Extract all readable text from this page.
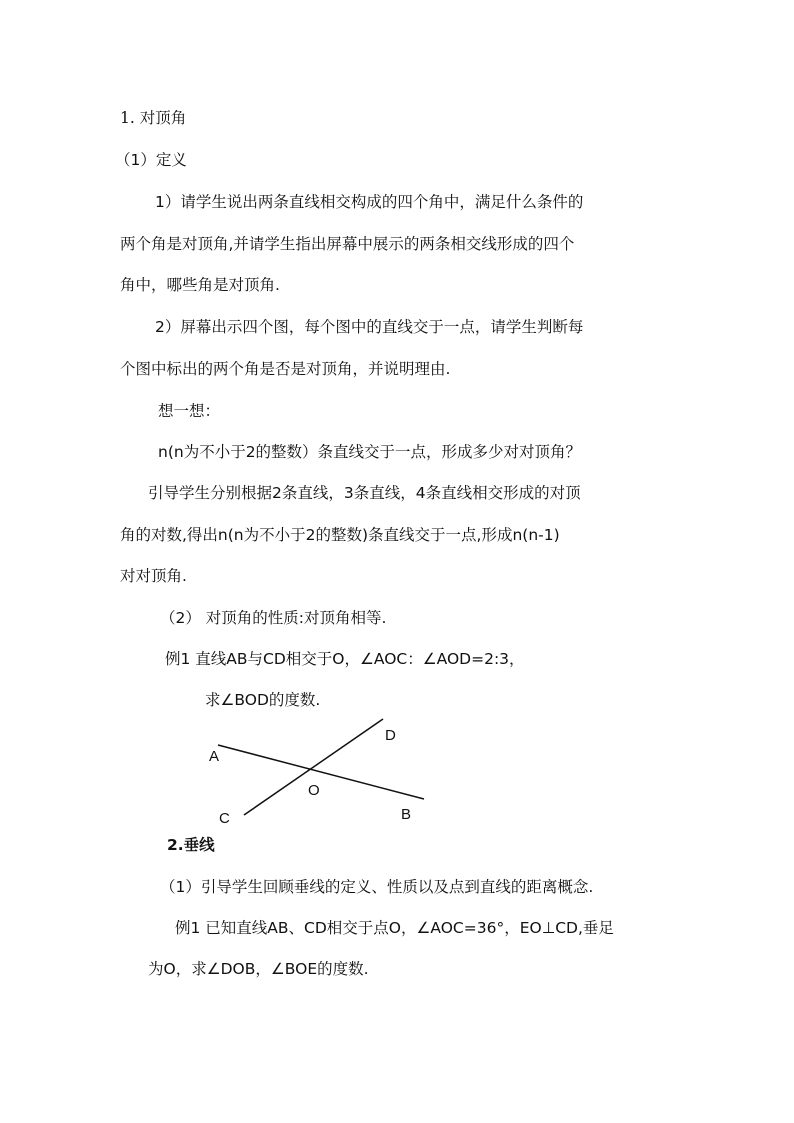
1. 对顶角
（1）定义
1）请学生说出两条直线相交构成的四个角中，满足什么条件的
两个角是对顶角,并请学生指出屏幕中展示的两条相交线形成的四个
角中，哪些角是对顶角.
2）屏幕出示四个图，每个图中的直线交于一点，请学生判断每
个图中标出的两个角是否是对顶角，并说明理由.
想一想：
n(n为不小于2的整数）条直线交于一点，形成多少对对顶角？
引导学生分别根据2条直线，3条直线，4条直线相交形成的对顶
角的对数,得出n(n为不小于2的整数)条直线交于一点,形成n(n-1)
对对顶角.
（2） 对顶角的性质:对顶角相等.
例1 直线AB与CD相交于O，∠AOC：∠AOD=2:3，
求∠BOD的度数.
A
B
C
D
O
2.垂线
（1）引导学生回顾垂线的定义、性质以及点到直线的距离概念.
例1 已知直线AB、CD相交于点O，∠AOC=36°，EO⊥CD,垂足
为O，求∠DOB，∠BOE的度数.
